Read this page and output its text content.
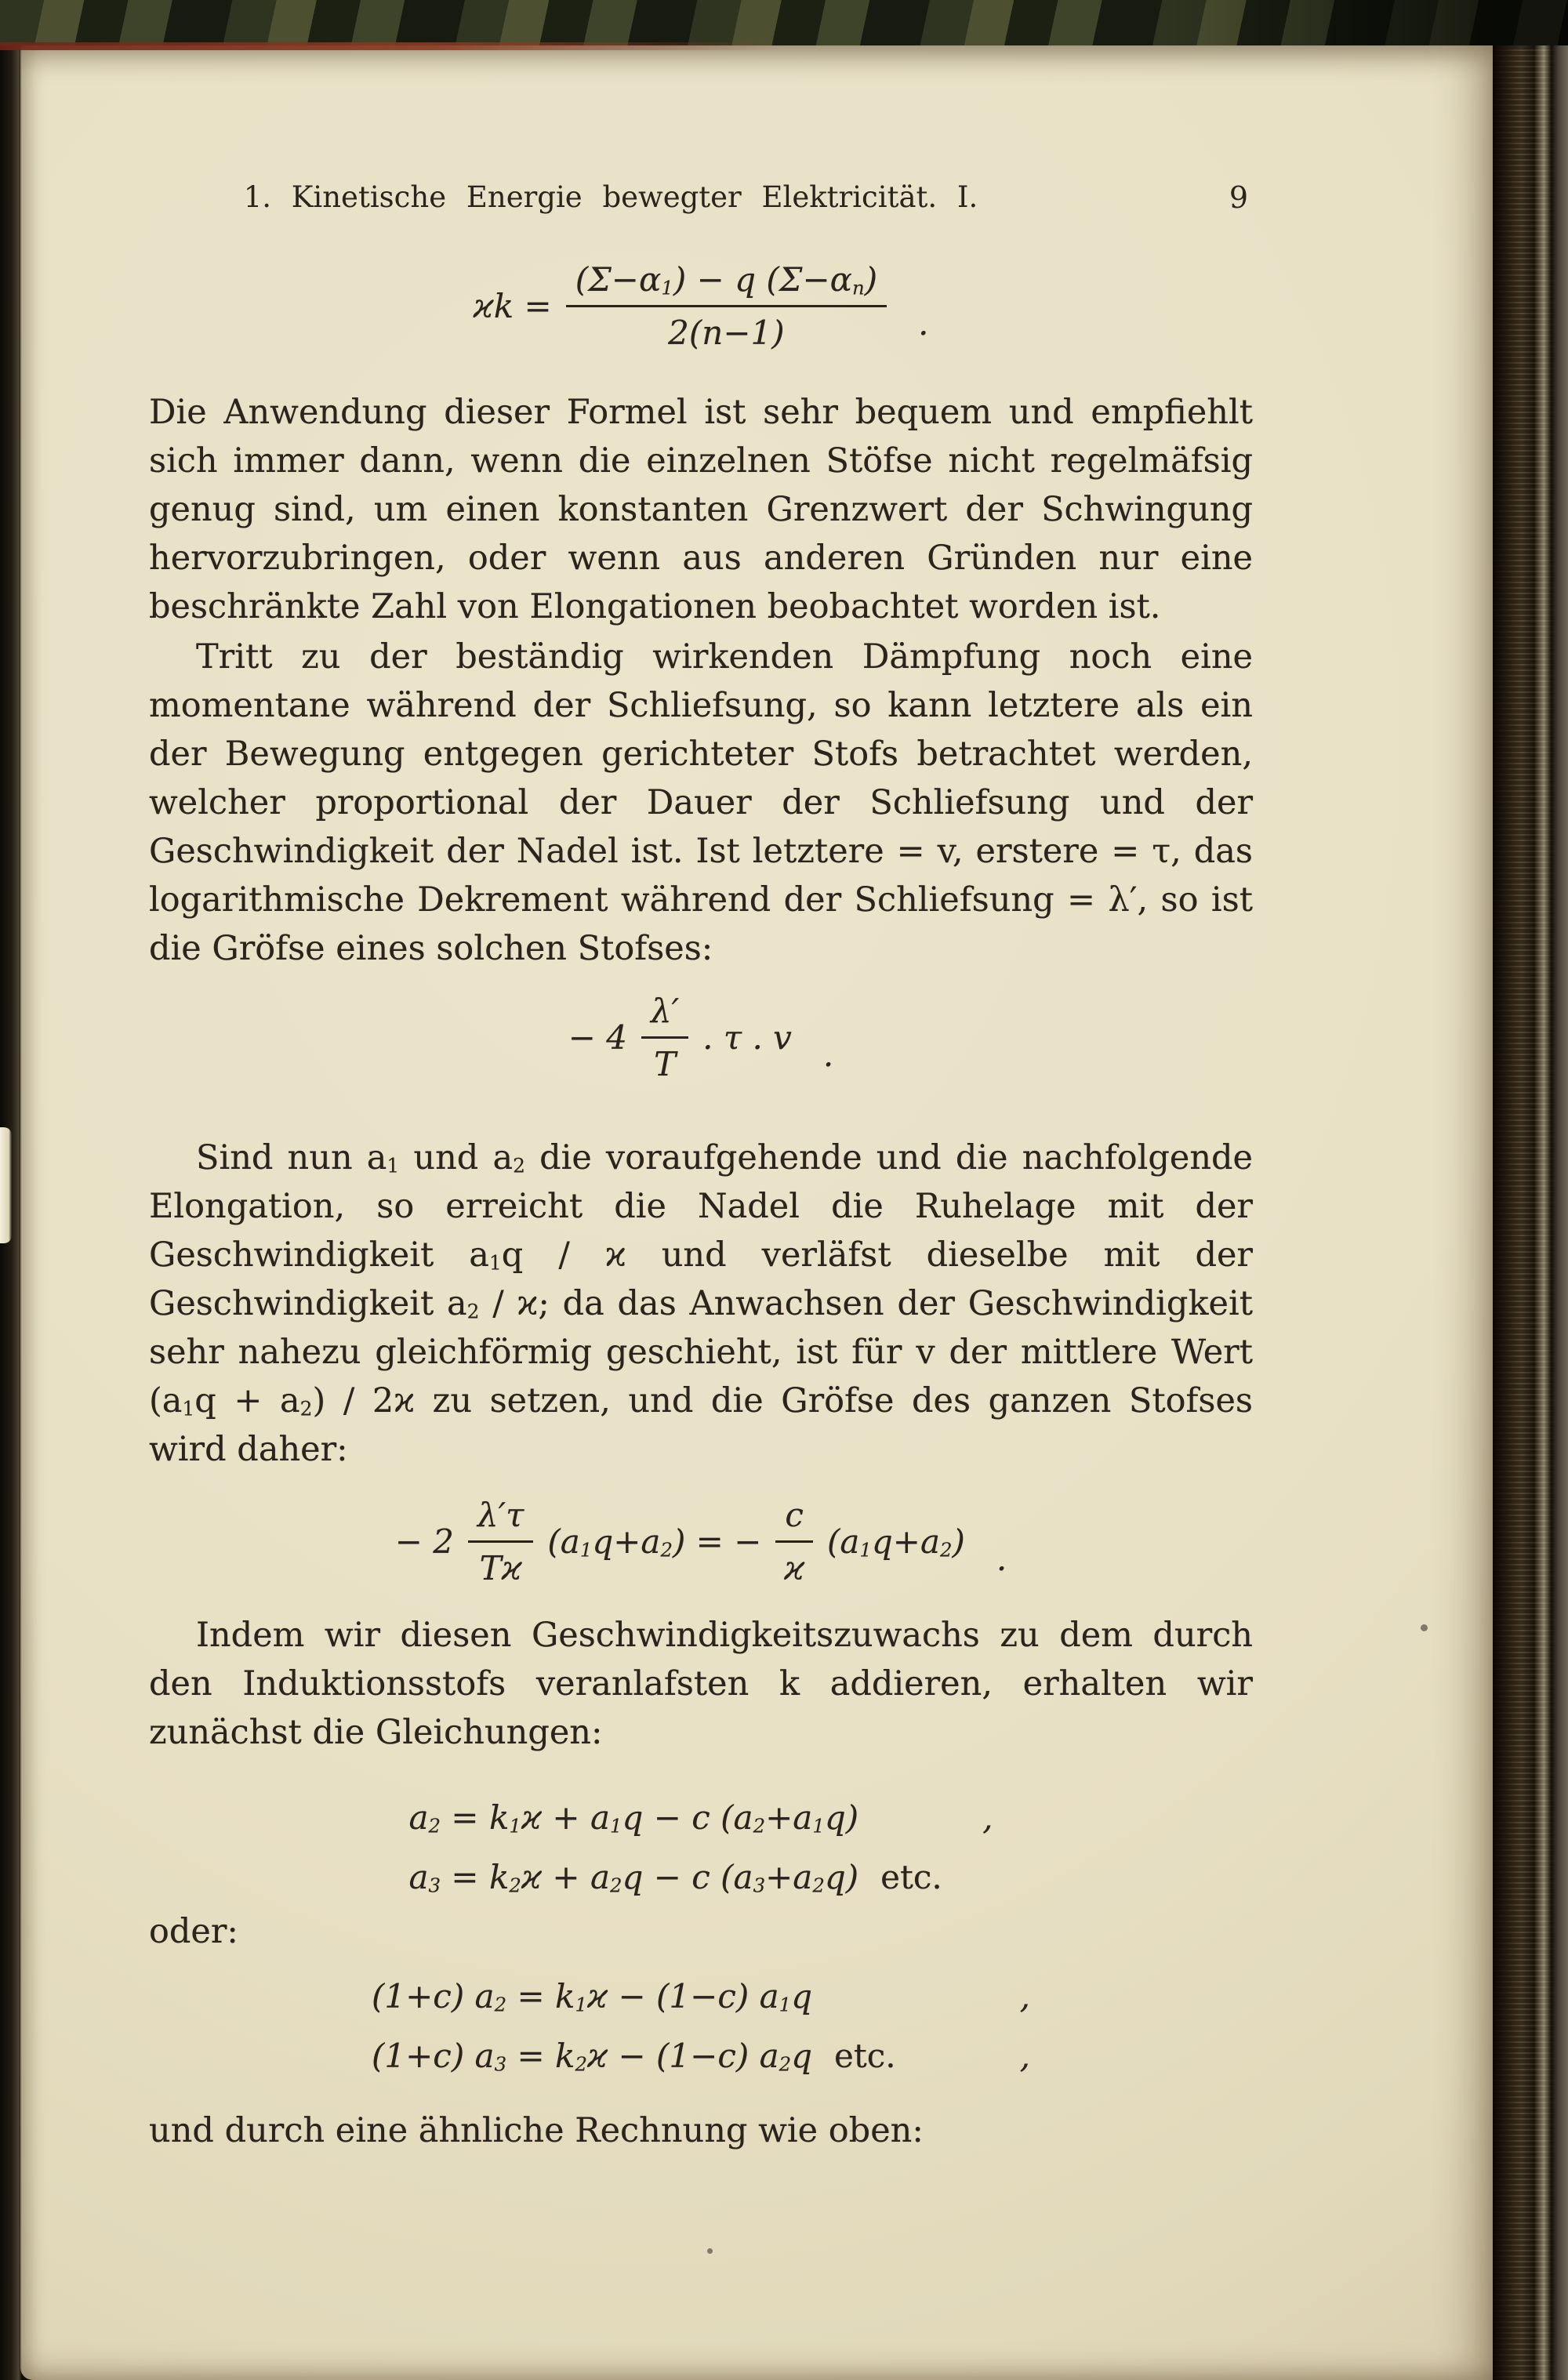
1. Kinetische Energie bewegter Elektricität. I.	9
$ϰk = \frac{(\Sigma-\alpha_1) - q (\Sigma-\alpha_n)}{2(n-1)}$ .

Die Anwendung dieser Formel ist sehr bequem und empfiehlt sich immer dann, wenn die einzelnen Stöfse nicht regelmäfsig genug sind, um einen konstanten Grenzwert der Schwingung hervorzubringen, oder wenn aus anderen Gründen nur eine beschränkte Zahl von Elongationen beobachtet worden ist.

Tritt zu der beständig wirkenden Dämpfung noch eine momentane während der Schliefsung, so kann letztere als ein der Bewegung entgegen gerichteter Stofs betrachtet werden, welcher proportional der Dauer der Schliefsung und der Geschwindigkeit der Nadel ist. Ist letztere = v, erstere = τ, das logarithmische Dekrement während der Schliefsung = λ′, so ist die Gröfse eines solchen Stofses:

− $4 \frac{\lambda'}{T}$ . τ . v .

Sind nun $a_1$ und $a_2$ die voraufgehende und die nachfolgende Elongation, so erreicht die Nadel die Ruhelage mit der Geschwindigkeit $a_1q$ / ϰ und verläfst dieselbe mit der Geschwindigkeit $a_2$ / ϰ; da das Anwachsen der Geschwindigkeit sehr nahezu gleichförmig geschieht, ist für v der mittlere Wert $(a_1q + a_2) / 2ϰ$ zu setzen, und die Gröfse des ganzen Stofses wird daher:

− $2 \frac{\lambda'\tau}{Tϰ} (a_1q+a_2)$ = − $\frac{c}{ϰ} (a_1q+a_2)$ .

Indem wir diesen Geschwindigkeitszuwachs zu dem durch den Induktionsstofs veranlafsten k addieren, erhalten wir zunächst die Gleichungen:

$a_2 = k_1ϰ + a_1q - c$ $(a_2+a_1q)$	,
$a_3 = k_2ϰ + a_2q - c$ $(a_3+a_2q)$ etc.

oder:

(1+c) $a_2 = k_1ϰ - (1-c)$ $a_1q$	,
(1+c) $a_3 = k_2ϰ - (1-c)$ $a_2q$ etc.	,

und durch eine ähnliche Rechnung wie oben:
